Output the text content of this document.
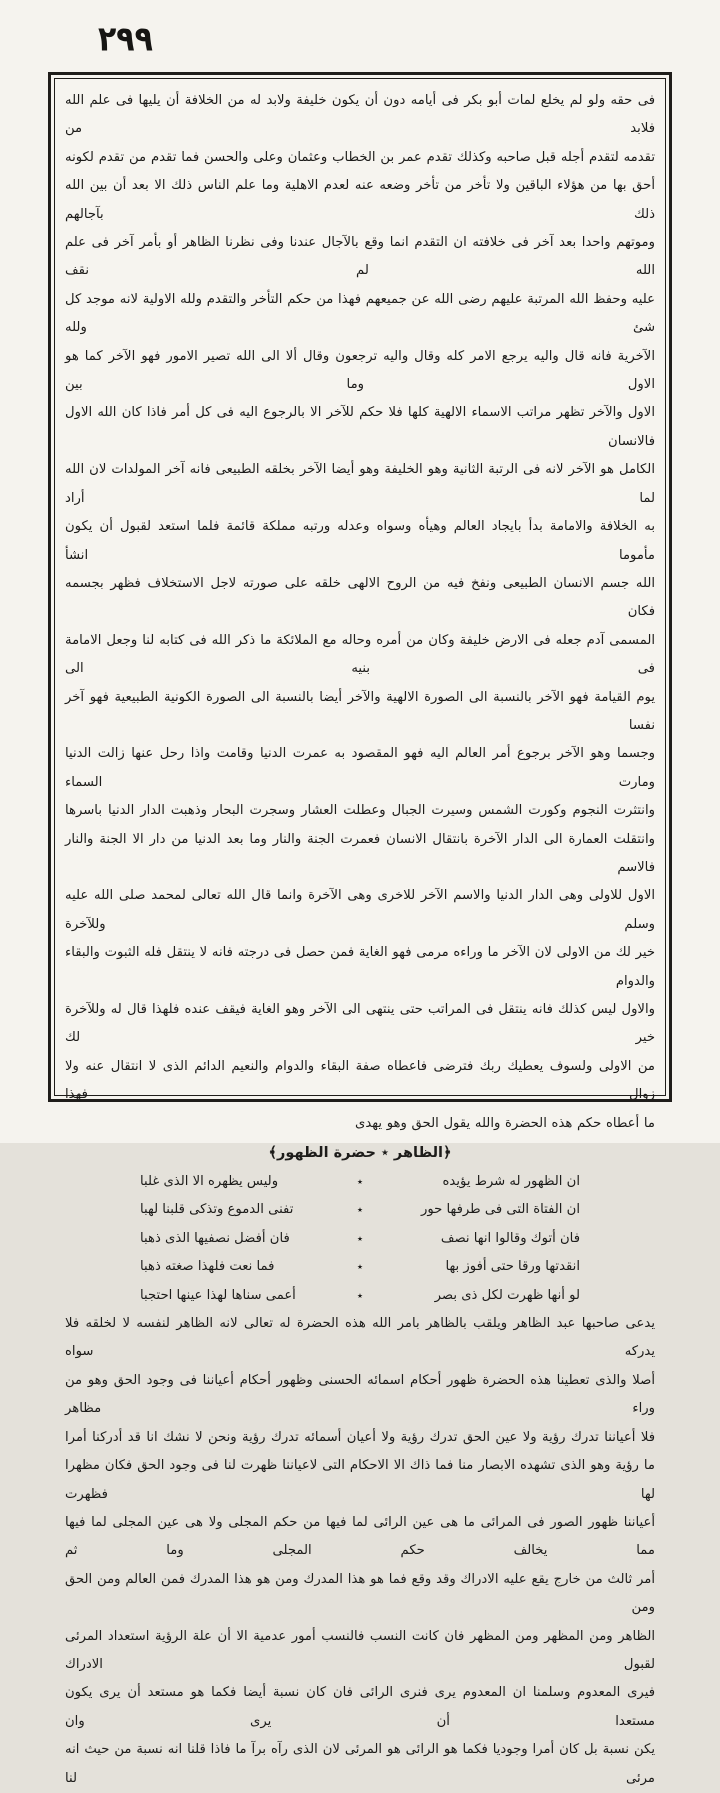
٢٩٩

فى حقه ولو لم يخلع لمات أبو بكر فى أيامه دون أن يكون خليفة ولابد له من الخلافة أن يليها فى علم الله فلابد من

تقدمه لتقدم أجله قبل صاحبه وكذلك تقدم عمر بن الخطاب وعثمان وعلى والحسن فما تقدم من تقدم لكونه

أحق بها من هؤلاء الباقين ولا تأخر من تأخر وضعه عنه لعدم الاهلية وما علم الناس ذلك الا بعد أن بين الله ذلك بآجالهم

وموتهم واحدا بعد آخر فى خلافته ان التقدم انما وقع بالآجال عندنا وفى نظرنا الظاهر أو بأمر آخر فى علم الله لم نقف

عليه وحفظ الله المرتبة عليهم رضى الله عن جميعهم فهذا من حكم التأخر والتقدم ولله الاولية لانه موجد كل شئ ولله

الآخرية فانه قال واليه يرجع الامر كله وقال واليه ترجعون وقال ألا الى الله تصير الامور فهو الآخر كما هو الاول وما بين

الاول والآخر تظهر مراتب الاسماء الالهية كلها فلا حكم للآخر الا بالرجوع اليه فى كل أمر فاذا كان الله الاول فالانسان

الكامل هو الآخر لانه فى الرتبة الثانية وهو الخليفة وهو أيضا الآخر بخلقه الطبيعى فانه آخر المولدات لان الله لما أراد

به الخلافة والامامة بدأ بايجاد العالم وهيأه وسواه وعدله ورتبه مملكة قائمة فلما استعد لقبول أن يكون مأموما انشأ

الله جسم الانسان الطبيعى ونفخ فيه من الروح الالهى خلقه على صورته لاجل الاستخلاف فظهر بجسمه فكان

المسمى آدم جعله فى الارض خليفة وكان من أمره وحاله مع الملائكة ما ذكر الله فى كتابه لنا وجعل الامامة فى بنيه الى

يوم القيامة فهو الآخر بالنسبة الى الصورة الالهية والآخر أيضا بالنسبة الى الصورة الكونية الطبيعية فهو آخر نفسا

وجسما وهو الآخر برجوع أمر العالم اليه فهو المقصود به عمرت الدنيا وقامت واذا رحل عنها زالت الدنيا ومارت السماء

وانتثرت النجوم وكورت الشمس وسيرت الجبال وعطلت العشار وسجرت البحار وذهبت الدار الدنيا باسرها

وانتقلت العمارة الى الدار الآخرة بانتقال الانسان فعمرت الجنة والنار وما بعد الدنيا من دار الا الجنة والنار فالاسم

الاول للاولى وهى الدار الدنيا والاسم الآخر للاخرى وهى الآخرة وانما قال الله تعالى لمحمد صلى الله عليه وسلم وللآخرة

خير لك من الاولى لان الآخر ما وراءه مرمى فهو الغاية فمن حصل فى درجته فانه لا ينتقل فله الثبوت والبقاء والدوام

والاول ليس كذلك فانه ينتقل فى المراتب حتى ينتهى الى الآخر وهو الغاية فيقف عنده فلهذا قال له وللآخرة خير لك

من الاولى ولسوف يعطيك ربك فترضى فاعطاه صفة البقاء والدوام والنعيم الدائم الذى لا انتقال عنه ولا زوال فهذا

ما أعطاه حكم هذه الحضرة والله يقول الحق وهو يهدى

﴿الظاهر ٭ حضرة الظهور﴾
ان الظهور له شرط يؤيده
٭
وليس يظهره الا الذى غلبا
ان الفتاة التى فى طرفها حور
٭
تفنى الدموع وتذكى قلبنا لهبا
فان أتوك وقالوا انها نصف
٭
فان أفضل نصفيها الذى ذهبا
انقدتها ورقا حتى أفوز بها
٭
فما نعت فلهذا صغته ذهبا
لو أنها ظهرت لكل ذى بصر
٭
أعمى سناها لهذا عينها احتجبا

يدعى صاحبها عبد الظاهر ويلقب بالظاهر بامر الله هذه الحضرة له تعالى لانه الظاهر لنفسه لا لخلقه فلا يدركه سواه

أصلا والذى تعطينا هذه الحضرة ظهور أحكام اسمائه الحسنى وظهور أحكام أعياننا فى وجود الحق وهو من وراء مظاهر

فلا أعياننا تدرك رؤية ولا عين الحق تدرك رؤية ولا أعيان أسمائه تدرك رؤية ونحن لا نشك انا قد أدركنا أمرا

ما رؤية وهو الذى تشهده الابصار منا فما ذاك الا الاحكام التى لاعياننا ظهرت لنا فى وجود الحق فكان مظهرا لها فظهرت

أعياننا ظهور الصور فى المرائى ما هى عين الرائى لما فيها من حكم المجلى ولا هى عين المجلى لما فيها مما يخالف حكم المجلى وما ثم

أمر ثالث من خارج يقع عليه الادراك وقد وقع فما هو هذا المدرك ومن هو هذا المدرك فمن العالم ومن الحق ومن

الظاهر ومن المظهر ومن المظهر فان كانت النسب فالنسب أمور عدمية الا أن علة الرؤية استعداد المرئى لقبول الادراك

فيرى المعدوم وسلمنا ان المعدوم يرى فنرى الرائى فان كان نسبة أيضا فكما هو مستعد أن يرى يكون مستعدا أن يرى وان

يكن نسبة بل كان أمرا وجوديا فكما هو الرائى هو المرئى لان الذى رآه برآ ما فاذا قلنا انه نسبة من حيث انه مرئى لنا
